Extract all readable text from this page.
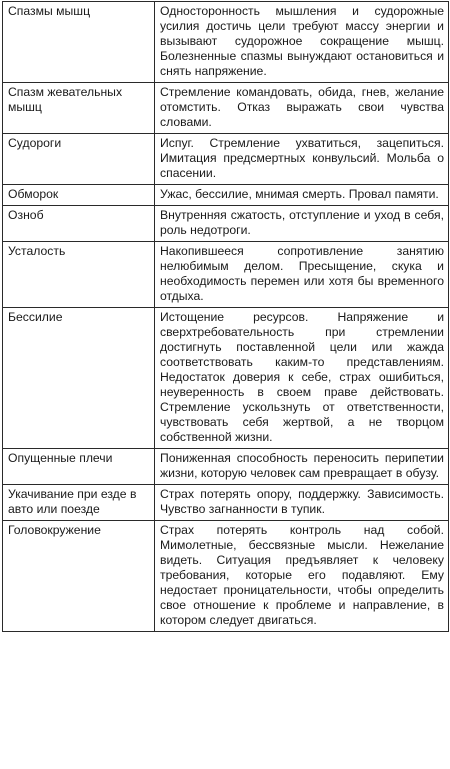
Спазмы мышц	Односторонность мышления и судорожные усилия достичь цели требуют массу энергии и вызывают судорожное сокращение мышц. Болезненные спазмы вынуждают остановиться и снять напряжение.
Спазм жевательных мышц	Стремление командовать, обида, гнев, желание отомстить. Отказ выражать свои чувства словами.
Судороги	Испуг. Стремление ухватиться, зацепиться. Имитация предсмертных конвульсий. Мольба о спасении.
Обморок	Ужас, бессилие, мнимая смерть. Провал памяти.
Озноб	Внутренняя сжатость, отступление и уход в себя, роль недотроги.
Усталость	Накопившееся сопротивление занятию нелюбимым делом. Пресыщение, скука и необходимость перемен или хотя бы временного отдыха.
Бессилие	Истощение ресурсов. Напряжение и сверхтребовательность при стремлении достигнуть поставленной цели или жажда соответствовать каким-то представлениям. Недостаток доверия к себе, страх ошибиться, неуверенность в своем праве действовать. Стремление ускользнуть от ответственности, чувствовать себя жертвой, а не творцом собственной жизни.
Опущенные плечи	Пониженная способность переносить перипетии жизни, которую человек сам превращает в обузу.
Укачивание при езде в авто или поезде	Страх потерять опору, поддержку. Зависимость. Чувство загнанности в тупик.
Головокружение	Страх потерять контроль над собой. Мимолетные, бессвязные мысли. Нежелание видеть. Ситуация предъявляет к человеку требования, которые его подавляют. Ему недостает проницательности, чтобы определить свое отношение к проблеме и направление, в котором следует двигаться.
